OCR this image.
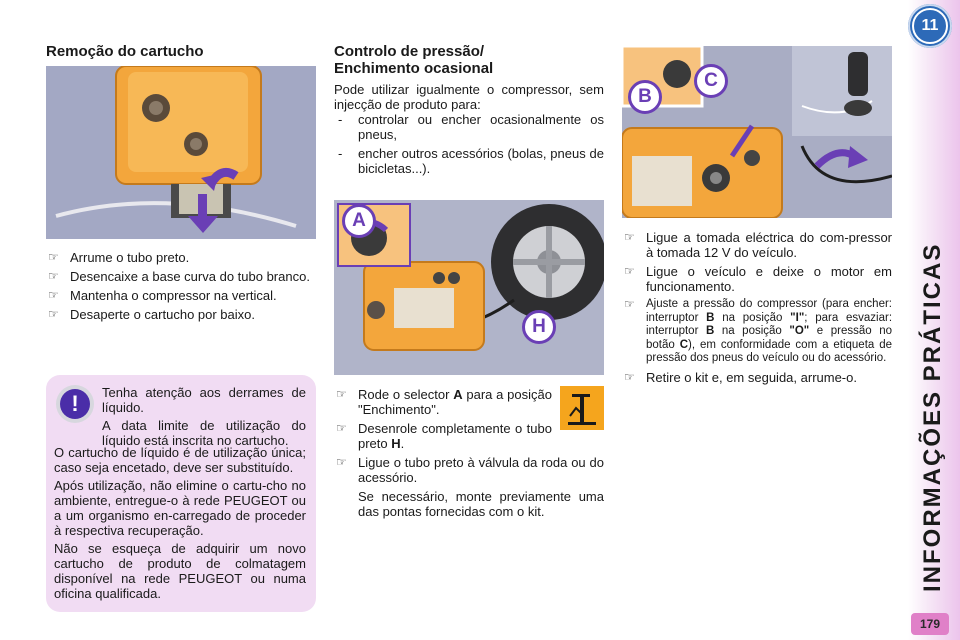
11
INFORMAÇÕES PRÁTICAS
179
Remoção do cartucho
☞ Arrume o tubo preto.
☞ Desencaixe a base curva do tubo branco.
☞ Mantenha o compressor na vertical.
☞ Desaperte o cartucho por baixo.
!	Tenha atenção aos derrames de líquido.

A data limite de utilização do líquido está inscrita no cartucho.

O cartucho de líquido é de utilização única; caso seja encetado, deve ser substituído.

Após utilização, não elimine o cartu-cho no ambiente, entregue-o à rede PEUGEOT ou a um organismo en-carregado de proceder à respectiva recuperação.

Não se esqueça de adquirir um novo cartucho de produto de colmatagem disponível na rede PEUGEOT ou numa oficina qualificada.

Controlo de pressão/
Enchimento ocasional
Pode utilizar igualmente o compressor, sem injecção de produto para:
- controlar ou encher ocasionalmente os pneus,
- encher outros acessórios (bolas, pneus de bicicletas...).
A
H
☞ Rode o selector A para a posição "Enchimento".
☞ Desenrole completamente o tubo preto H.
☞ Ligue o tubo preto à válvula da roda ou do acessório.
Se necessário, monte previamente uma das pontas fornecidas com o kit.
B
C
☞ Ligue a tomada eléctrica do com-pressor à tomada 12 V do veículo.
☞ Ligue o veículo e deixe o motor em funcionamento.
☞ Ajuste a pressão do compressor (para encher: interruptor B na posição "I"; para esvaziar: interruptor B na posição "O" e pressão no botão C), em conformidade com a etiqueta de pressão dos pneus do veículo ou do acessório.
☞ Retire o kit e, em seguida, arrume-o.
